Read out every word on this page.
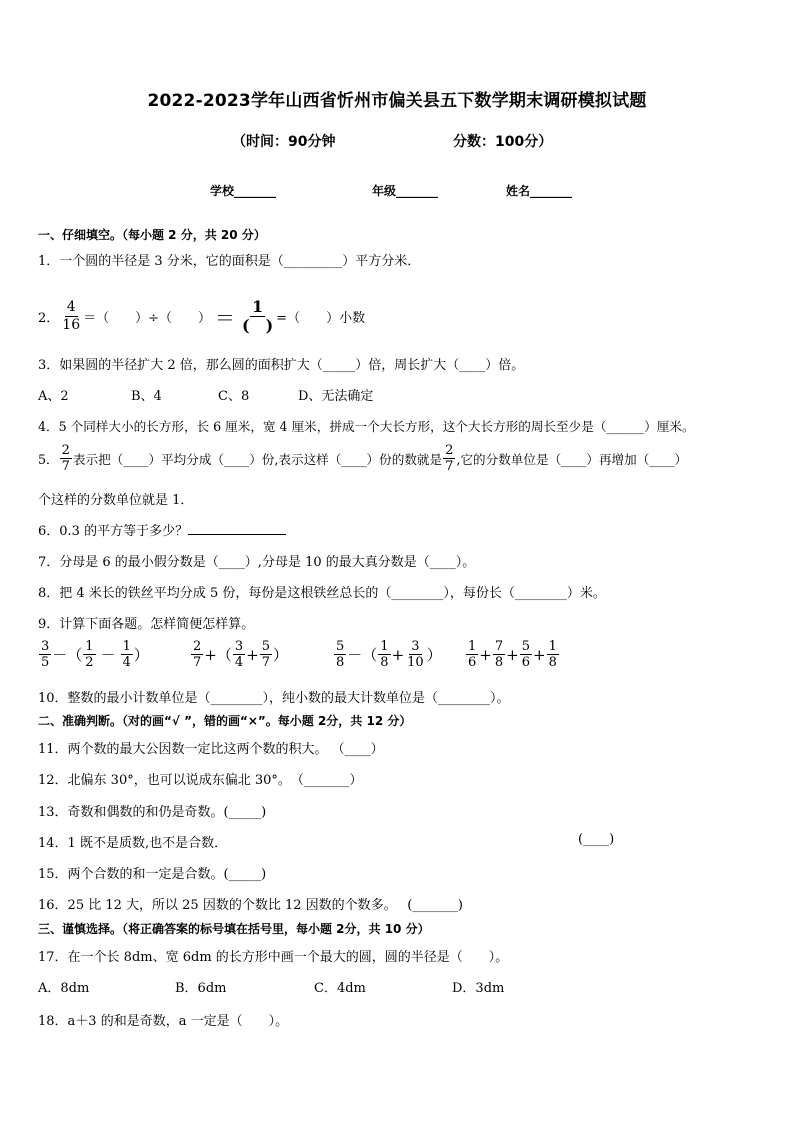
2022-2023学年山西省忻州市偏关县五下数学期末调研模拟试题
（时间：90分钟	分数：100分）
学校_______	年级_______	姓名_______
一、仔细填空。（每小题 2 分，共 20 分）
1．一个圆的半径是 3 分米，它的面积是（_________）平方分米．
2． $\frac{4}{16}$ ＝（　　）÷（　　） ＝ $\frac{1}{( )}$ =（　　）小数
3．如果圆的半径扩大 2 倍，那么圆的面积扩大（_____）倍，周长扩大（____）倍。
A、2	B、4	C、8	D、无法确定
4．5 个同样大小的长方形，长 6 厘米，宽 4 厘米，拼成一个大长方形，这个大长方形的周长至少是（______）厘米。
5． $\frac{2}{7}$ 表示把（____）平均分成（____）份,表示这样（____）份的数就是 $\frac{2}{7}$ ,它的分数单位是（____）再增加（____）
个这样的分数单位就是 1．
6．0.3 的平方等于多少？
7．分母是 6 的最小假分数是（____）,分母是 10 的最大真分数是（____）。
8．把 4 米长的铁丝平均分成 5 份，每份是这根铁丝总长的（________），每份长（________）米。
9．计算下面各题。怎样简便怎样算。
$\frac{3}{5}$ －（ $\frac{1}{2} - \frac{1}{4}$ ）	$\frac{2}{7}$ +（ $\frac{3}{4} + \frac{5}{7}$ ）	$\frac{5}{8}$ －（ $\frac{1}{8} + \frac{3}{10}$ ） $\frac{1}{6} + \frac{7}{8} + \frac{5}{6} + \frac{1}{8}$
10．整数的最小计数单位是（________），纯小数的最大计数单位是（________）。
二、准确判断。（对的画“√ ”，错的画“×”。每小题 2分，共 12 分）
11．两个数的最大公因数一定比这两个数的积大。 （____）
12．北偏东 30°，也可以说成东偏北 30°。　（_______）
13．奇数和偶数的和仍是奇数。(_____)
14．1 既不是质数,也不是合数．	(____)
15．两个合数的和一定是合数。(_____)
16．25 比 12 大，所以 25 因数的个数比 12 因数的个数多。　 (_______)
三、谨慎选择。（将正确答案的标号填在括号里，每小题 2分，共 10 分）
17．在一个长 8dm、宽 6dm 的长方形中画一个最大的圆，圆的半径是（　　）。
A．8dm	B．6dm	C．4dm	D．3dm
18．a＋3 的和是奇数，a 一定是（　　）。
